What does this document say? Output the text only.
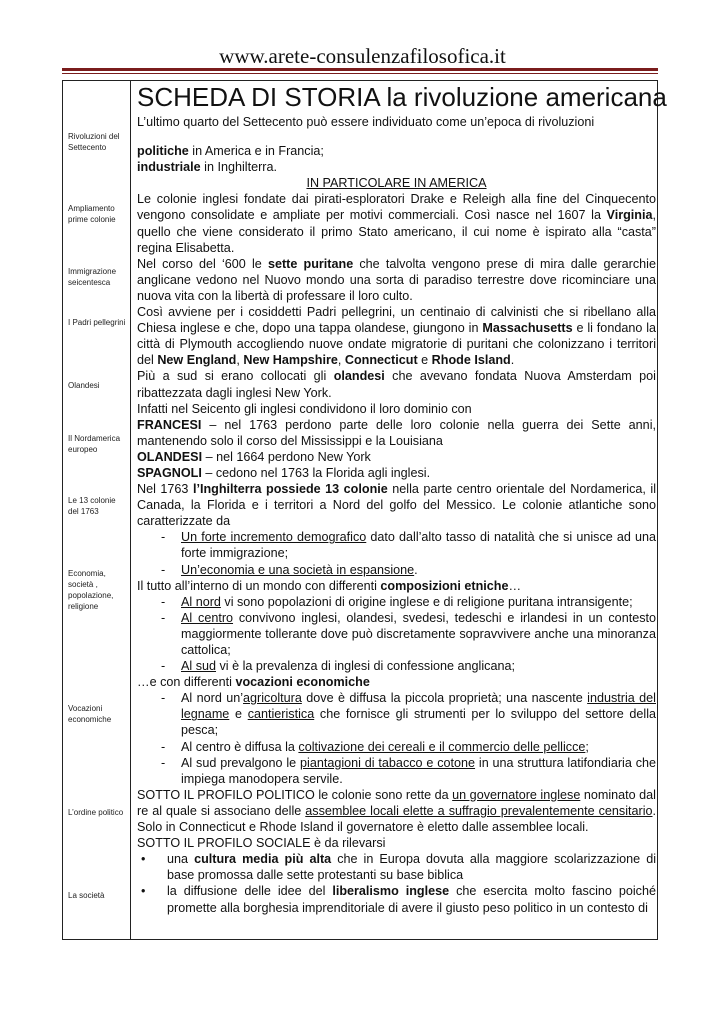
www.arete-consulenzafilosofica.it
Rivoluzioni del Settecento
Ampliamento prime colonie
Immigrazione seicentesca
I Padri pellegrini
Olandesi
Il Nordamerica europeo
Le 13 colonie del 1763
Economia, società , popolazione, religione
Vocazioni economiche
L’ordine politico
La società
SCHEDA DI STORIA la rivoluzione americana

L’ultimo quarto del Settecento può essere individuato come un’epoca di rivoluzioni

politiche in America e in Francia;

industriale in Inghilterra.

IN PARTICOLARE IN AMERICA

Le colonie inglesi fondate dai pirati-esploratori Drake e Releigh alla fine del Cinquecento vengono consolidate e ampliate per motivi commerciali. Così nasce nel 1607 la Virginia, quello che viene considerato il primo Stato americano, il cui nome è ispirato alla “casta” regina Elisabetta.

Nel corso del ‘600 le sette puritane che talvolta vengono prese di mira dalle gerarchie anglicane vedono nel Nuovo mondo una sorta di paradiso terrestre dove ricominciare una nuova vita con la libertà di professare il loro culto.

Così avviene per i cosiddetti Padri pellegrini, un centinaio di calvinisti che si ribellano alla Chiesa inglese e che, dopo una tappa olandese, giungono in Massachusetts e li fondano la città di Plymouth accogliendo nuove ondate migratorie di puritani che colonizzano i territori del New England, New Hampshire, Connecticut e Rhode Island.

Più a sud si erano collocati gli olandesi che avevano fondata Nuova Amsterdam poi ribattezzata dagli inglesi New York.

Infatti nel Seicento gli inglesi condividono il loro dominio con

FRANCESI – nel 1763 perdono parte delle loro colonie nella guerra dei Sette anni, mantenendo solo il corso del Mississippi e la Louisiana

OLANDESI – nel 1664 perdono New York

SPAGNOLI – cedono nel 1763 la Florida agli inglesi.

Nel 1763 l’Inghilterra possiede 13 colonie nella parte centro orientale del Nordamerica, il Canada, la Florida e i territori a Nord del golfo del Messico. Le colonie atlantiche sono caratterizzate da

- Un forte incremento demografico dato dall’alto tasso di natalità che si unisce ad una forte immigrazione;
- Un’economia e una società in espansione.

Il tutto all’interno di un mondo con differenti composizioni etniche…

- Al nord vi sono popolazioni di origine inglese e di religione puritana intransigente;
- Al centro convivono inglesi, olandesi, svedesi, tedeschi e irlandesi in un contesto maggiormente tollerante dove può discretamente sopravvivere anche una minoranza cattolica;
- Al sud vi è la prevalenza di inglesi di confessione anglicana;

…e con differenti vocazioni economiche

- Al nord un’agricoltura dove è diffusa la piccola proprietà; una nascente industria del legname e cantieristica che fornisce gli strumenti per lo sviluppo del settore della pesca;
- Al centro è diffusa la coltivazione dei cereali e il commercio delle pellicce;
- Al sud prevalgono le piantagioni di tabacco e cotone in una struttura latifondiaria che impiega manodopera servile.

SOTTO IL PROFILO POLITICO le colonie sono rette da un governatore inglese nominato dal re al quale si associano delle assemblee locali elette a suffragio prevalentemente censitario. Solo in Connecticut e Rhode Island il governatore è eletto dalle assemblee locali.

SOTTO IL PROFILO SOCIALE è da rilevarsi

• una cultura media più alta che in Europa dovuta alla maggiore scolarizzazione di base promossa dalle sette protestanti su base biblica
• la diffusione delle idee del liberalismo inglese che esercita molto fascino poiché promette alla borghesia imprenditoriale di avere il giusto peso politico in un contesto di
